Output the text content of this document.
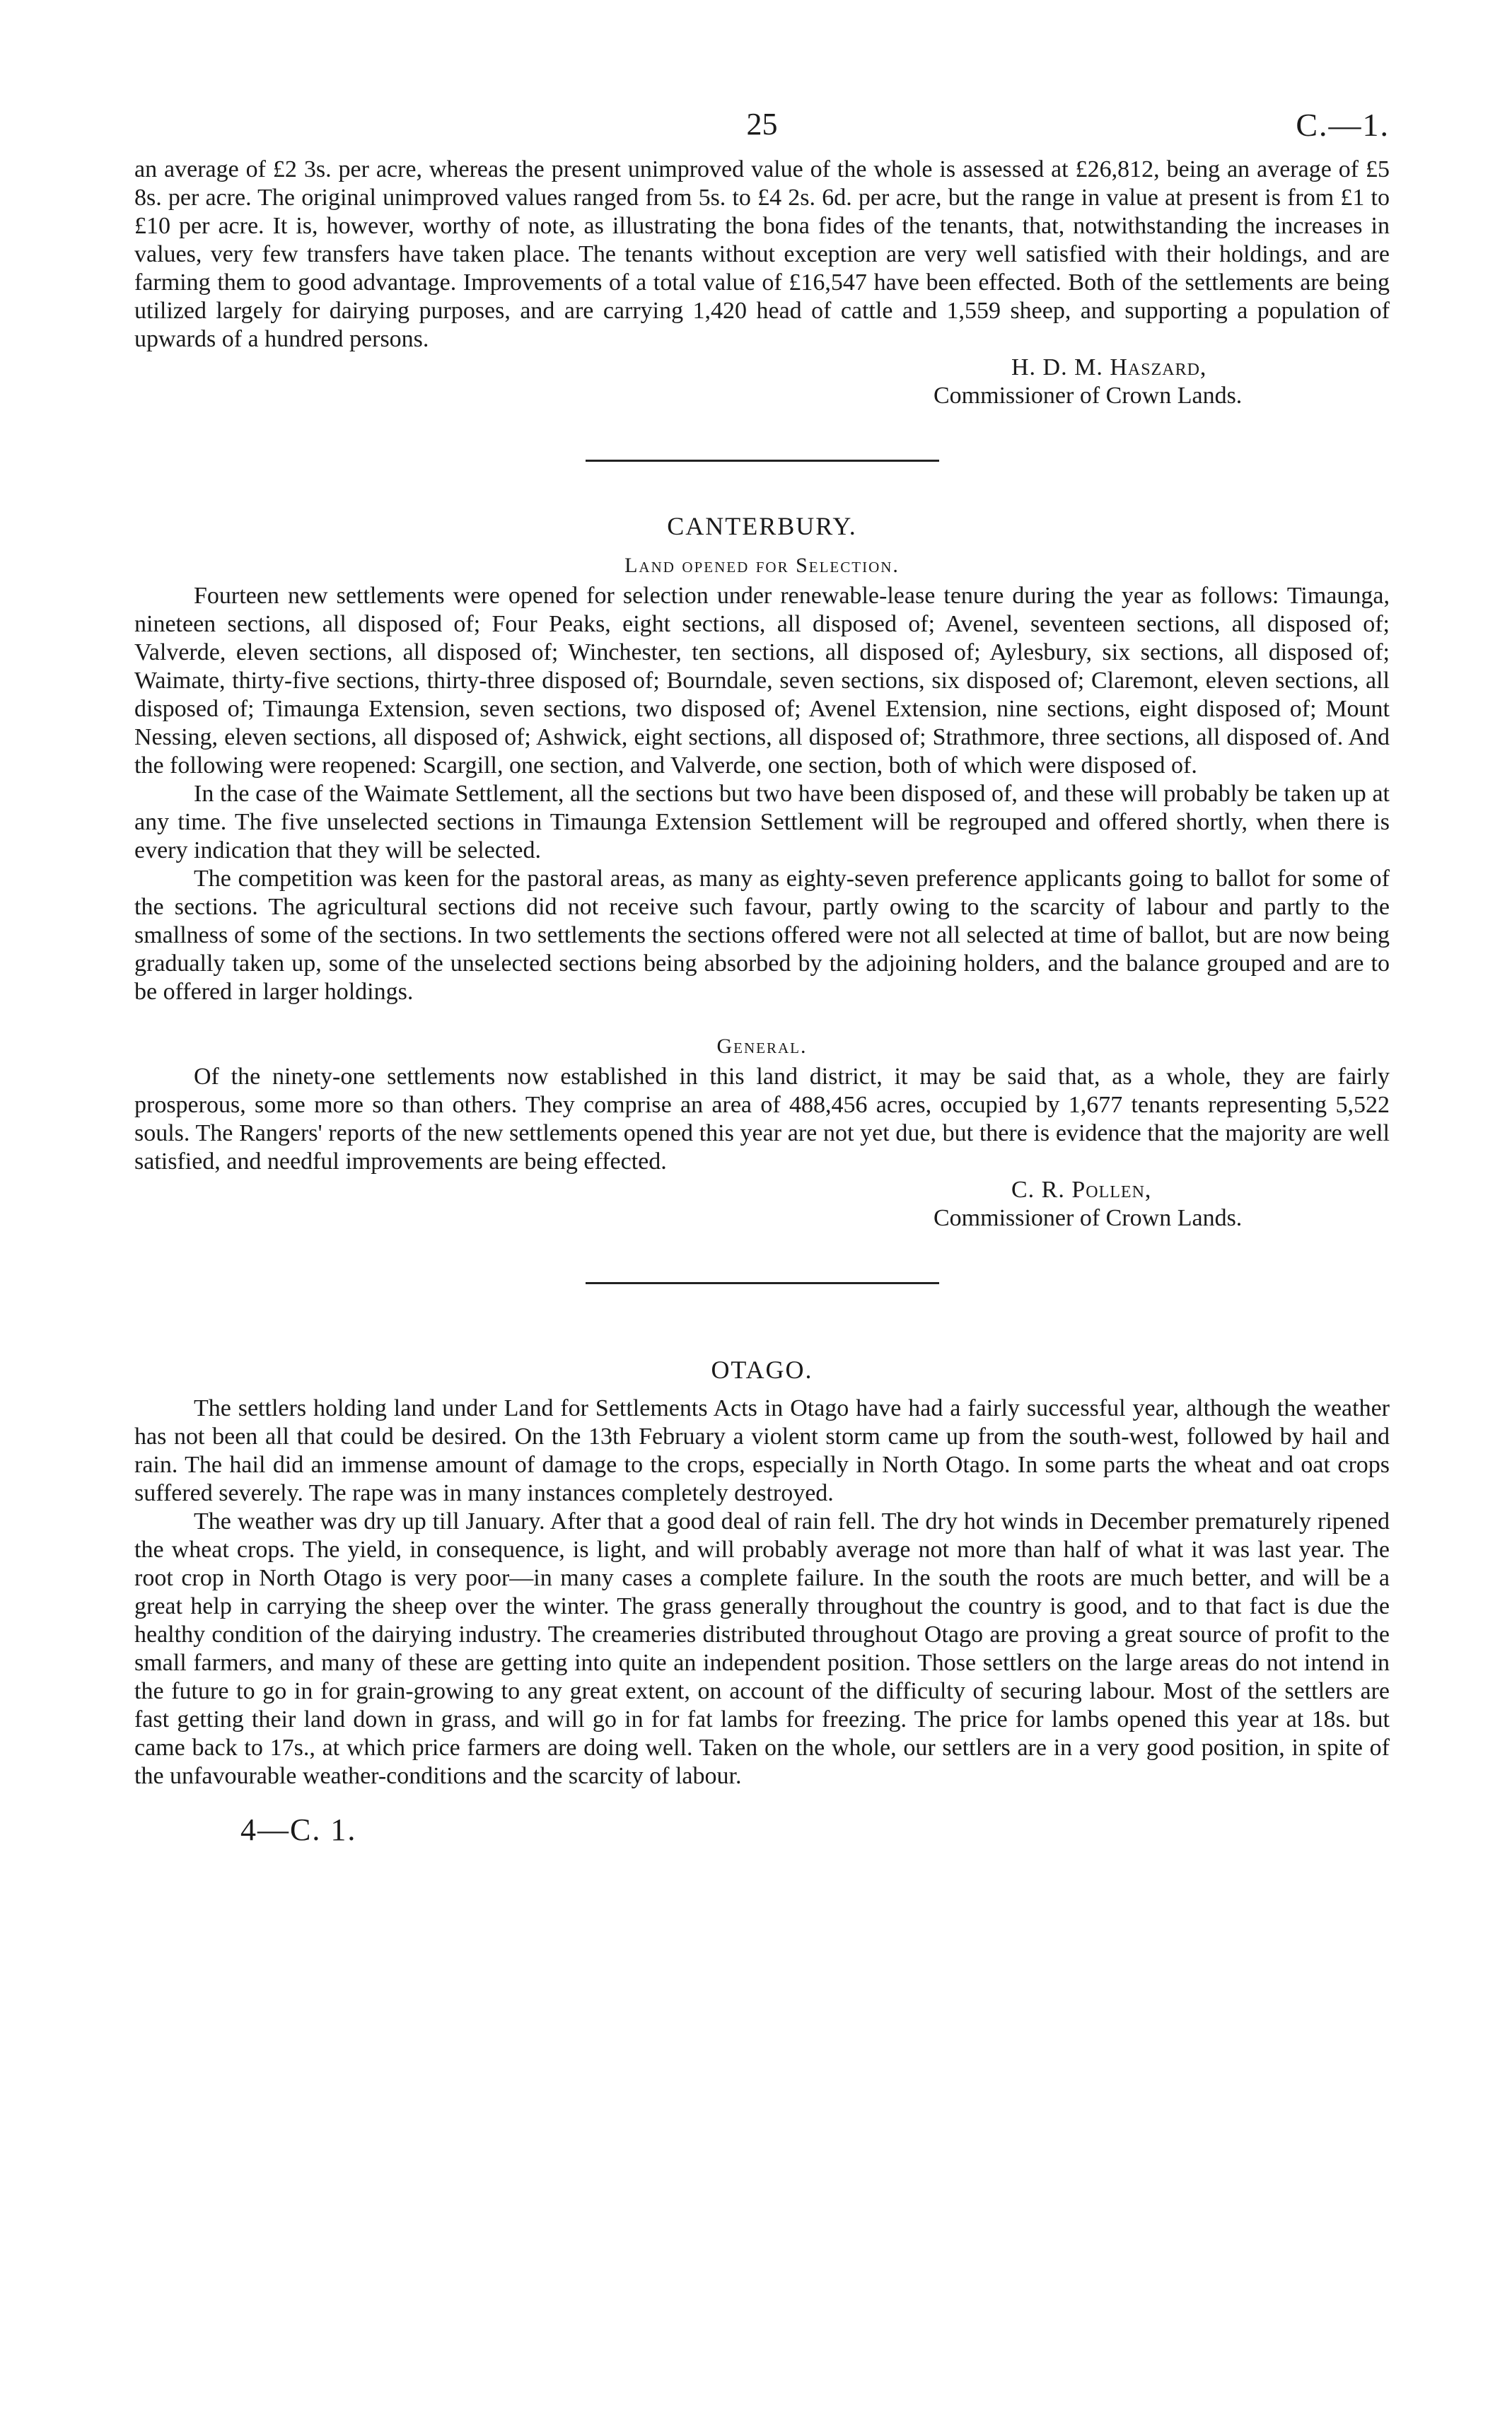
25	C.—1.

an average of £2 3s. per acre, whereas the present unimproved value of the whole is assessed at £26,812, being an average of £5 8s. per acre. The original unimproved values ranged from 5s. to £4 2s. 6d. per acre, but the range in value at present is from £1 to £10 per acre. It is, however, worthy of note, as illustrating the bona fides of the tenants, that, notwithstanding the increases in values, very few transfers have taken place. The tenants without exception are very well satisfied with their holdings, and are farming them to good advantage. Improvements of a total value of £16,547 have been effected. Both of the settlements are being utilized largely for dairying purposes, and are carrying 1,420 head of cattle and 1,559 sheep, and supporting a population of upwards of a hundred persons.

H. D. M. Haszard,
Commissioner of Crown Lands.
CANTERBURY.
Land opened for Selection.

Fourteen new settlements were opened for selection under renewable-lease tenure during the year as follows: Timaunga, nineteen sections, all disposed of; Four Peaks, eight sections, all disposed of; Avenel, seventeen sections, all disposed of; Valverde, eleven sections, all disposed of; Winchester, ten sections, all disposed of; Aylesbury, six sections, all disposed of; Waimate, thirty-five sections, thirty-three disposed of; Bourndale, seven sections, six disposed of; Claremont, eleven sections, all disposed of; Timaunga Extension, seven sections, two disposed of; Avenel Extension, nine sections, eight disposed of; Mount Nessing, eleven sections, all disposed of; Ashwick, eight sections, all disposed of; Strathmore, three sections, all disposed of. And the following were reopened: Scargill, one section, and Valverde, one section, both of which were disposed of.

In the case of the Waimate Settlement, all the sections but two have been disposed of, and these will probably be taken up at any time. The five unselected sections in Timaunga Extension Settlement will be regrouped and offered shortly, when there is every indication that they will be selected.

The competition was keen for the pastoral areas, as many as eighty-seven preference applicants going to ballot for some of the sections. The agricultural sections did not receive such favour, partly owing to the scarcity of labour and partly to the smallness of some of the sections. In two settlements the sections offered were not all selected at time of ballot, but are now being gradually taken up, some of the unselected sections being absorbed by the adjoining holders, and the balance grouped and are to be offered in larger holdings.

General.

Of the ninety-one settlements now established in this land district, it may be said that, as a whole, they are fairly prosperous, some more so than others. They comprise an area of 488,456 acres, occupied by 1,677 tenants representing 5,522 souls. The Rangers' reports of the new settlements opened this year are not yet due, but there is evidence that the majority are well satisfied, and needful improvements are being effected.

C. R. Pollen,
Commissioner of Crown Lands.
OTAGO.

The settlers holding land under Land for Settlements Acts in Otago have had a fairly successful year, although the weather has not been all that could be desired. On the 13th February a violent storm came up from the south-west, followed by hail and rain. The hail did an immense amount of damage to the crops, especially in North Otago. In some parts the wheat and oat crops suffered severely. The rape was in many instances completely destroyed.

The weather was dry up till January. After that a good deal of rain fell. The dry hot winds in December prematurely ripened the wheat crops. The yield, in consequence, is light, and will probably average not more than half of what it was last year. The root crop in North Otago is very poor—in many cases a complete failure. In the south the roots are much better, and will be a great help in carrying the sheep over the winter. The grass generally throughout the country is good, and to that fact is due the healthy condition of the dairying industry. The creameries distributed throughout Otago are proving a great source of profit to the small farmers, and many of these are getting into quite an independent position. Those settlers on the large areas do not intend in the future to go in for grain-growing to any great extent, on account of the difficulty of securing labour. Most of the settlers are fast getting their land down in grass, and will go in for fat lambs for freezing. The price for lambs opened this year at 18s. but came back to 17s., at which price farmers are doing well. Taken on the whole, our settlers are in a very good position, in spite of the unfavourable weather-conditions and the scarcity of labour.

4—C. 1.
